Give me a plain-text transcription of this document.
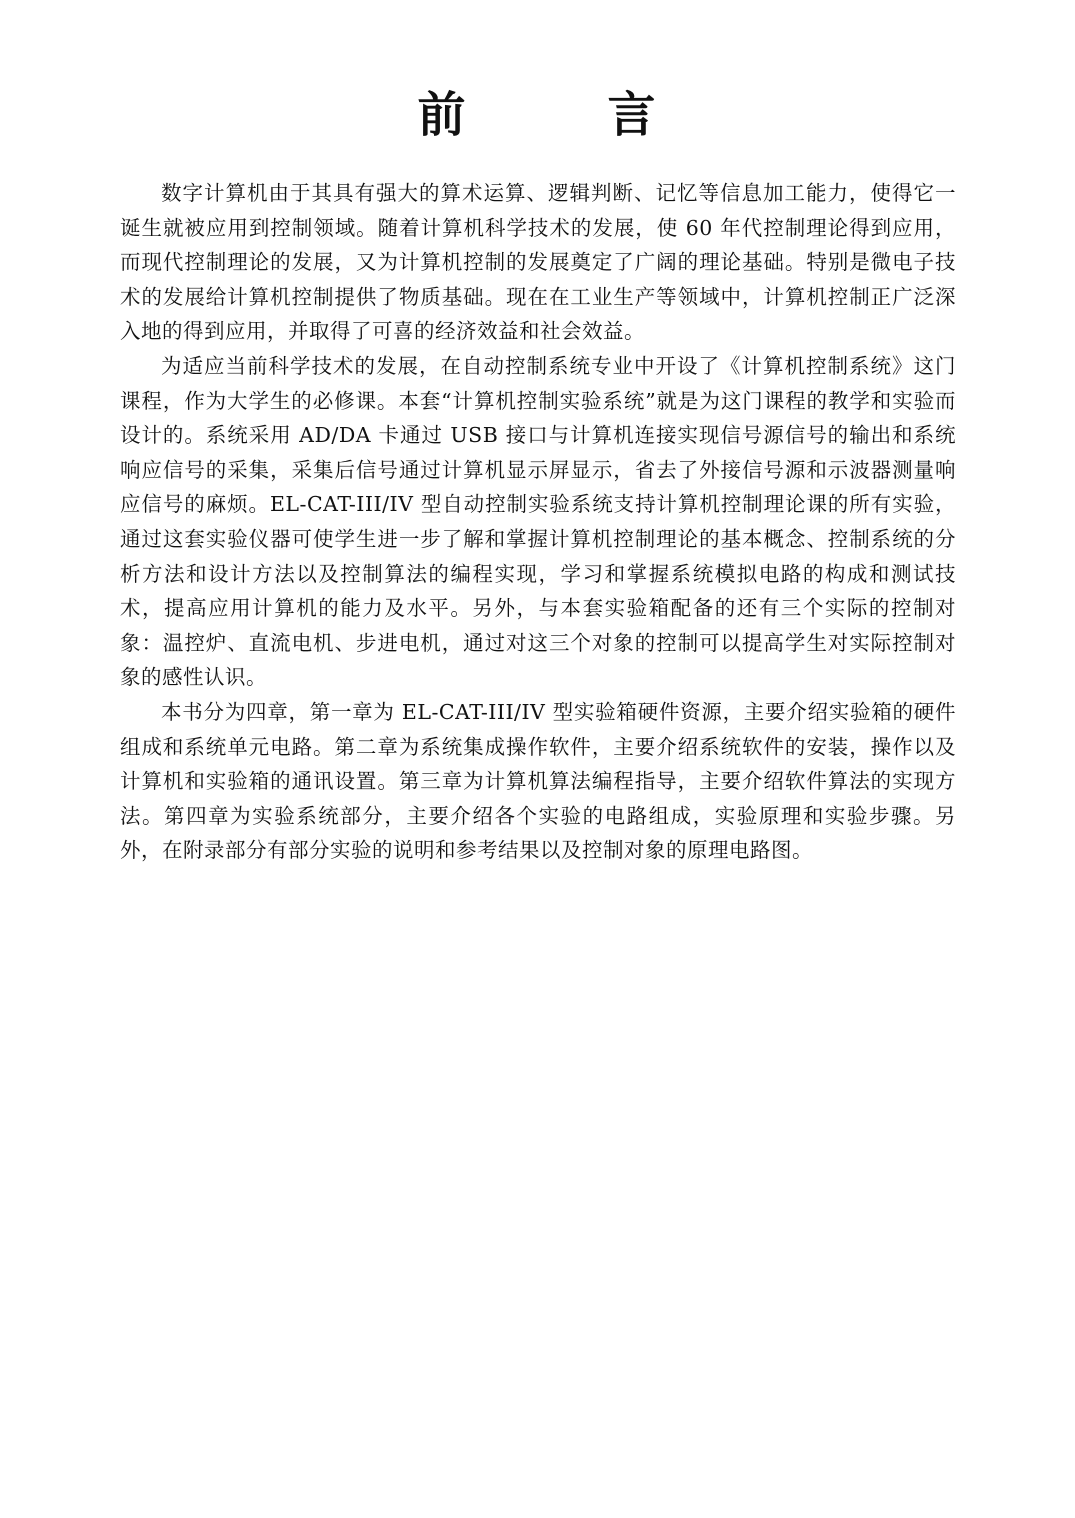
前	言

数字计算机由于其具有强大的算术运算、逻辑判断、记忆等信息加工能力，使得它一诞生就被应用到控制领域。随着计算机科学技术的发展，使 60 年代控制理论得到应用，而现代控制理论的发展，又为计算机控制的发展奠定了广阔的理论基础。特别是微电子技术的发展给计算机控制提供了物质基础。现在在工业生产等领域中，计算机控制正广泛深入地的得到应用，并取得了可喜的经济效益和社会效益。

为适应当前科学技术的发展，在自动控制系统专业中开设了《计算机控制系统》这门课程，作为大学生的必修课。本套“计算机控制实验系统”就是为这门课程的教学和实验而设计的。系统采用 AD/DA 卡通过 USB 接口与计算机连接实现信号源信号的输出和系统响应信号的采集，采集后信号通过计算机显示屏显示，省去了外接信号源和示波器测量响应信号的麻烦。EL-CAT-III/IV 型自动控制实验系统支持计算机控制理论课的所有实验，通过这套实验仪器可使学生进一步了解和掌握计算机控制理论的基本概念、控制系统的分析方法和设计方法以及控制算法的编程实现，学习和掌握系统模拟电路的构成和测试技术，提高应用计算机的能力及水平。另外，与本套实验箱配备的还有三个实际的控制对象：温控炉、直流电机、步进电机，通过对这三个对象的控制可以提高学生对实际控制对象的感性认识。

本书分为四章，第一章为 EL-CAT-III/IV 型实验箱硬件资源，主要介绍实验箱的硬件组成和系统单元电路。第二章为系统集成操作软件，主要介绍系统软件的安装，操作以及计算机和实验箱的通讯设置。第三章为计算机算法编程指导，主要介绍软件算法的实现方法。第四章为实验系统部分，主要介绍各个实验的电路组成，实验原理和实验步骤。另外，在附录部分有部分实验的说明和参考结果以及控制对象的原理电路图。
